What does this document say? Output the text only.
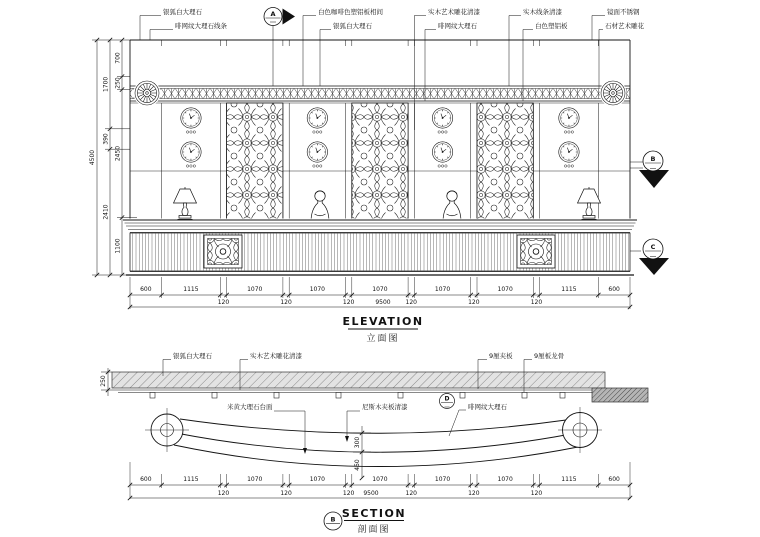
A
B
C
4500
1700
390
2410
700
250
2450
1100
600	1115	1070	1070	1070	1070	1070	1115	600
120	120	120	120	120	120
9500
银狐白大理石
啡网纹大理石线条
白色咖啡色塑铝板相间
银狐白大理石
实木艺术雕花清漆
啡网纹大理石
实木线条清漆
白色塑铝板
镜面不锈钢
石材艺术雕花
ELEVATION
立面图
D
银狐白大理石	实木艺术雕花清漆	9厘夹板	9厘板龙骨
米黄大理石台面	尼斯木夹板清漆	啡网纹大理石
250
300
450
600	1115	1070	1070	1070	1070	1070	1115	600
120	120	120	120	120	120
9500
B SECTION
剖面图
